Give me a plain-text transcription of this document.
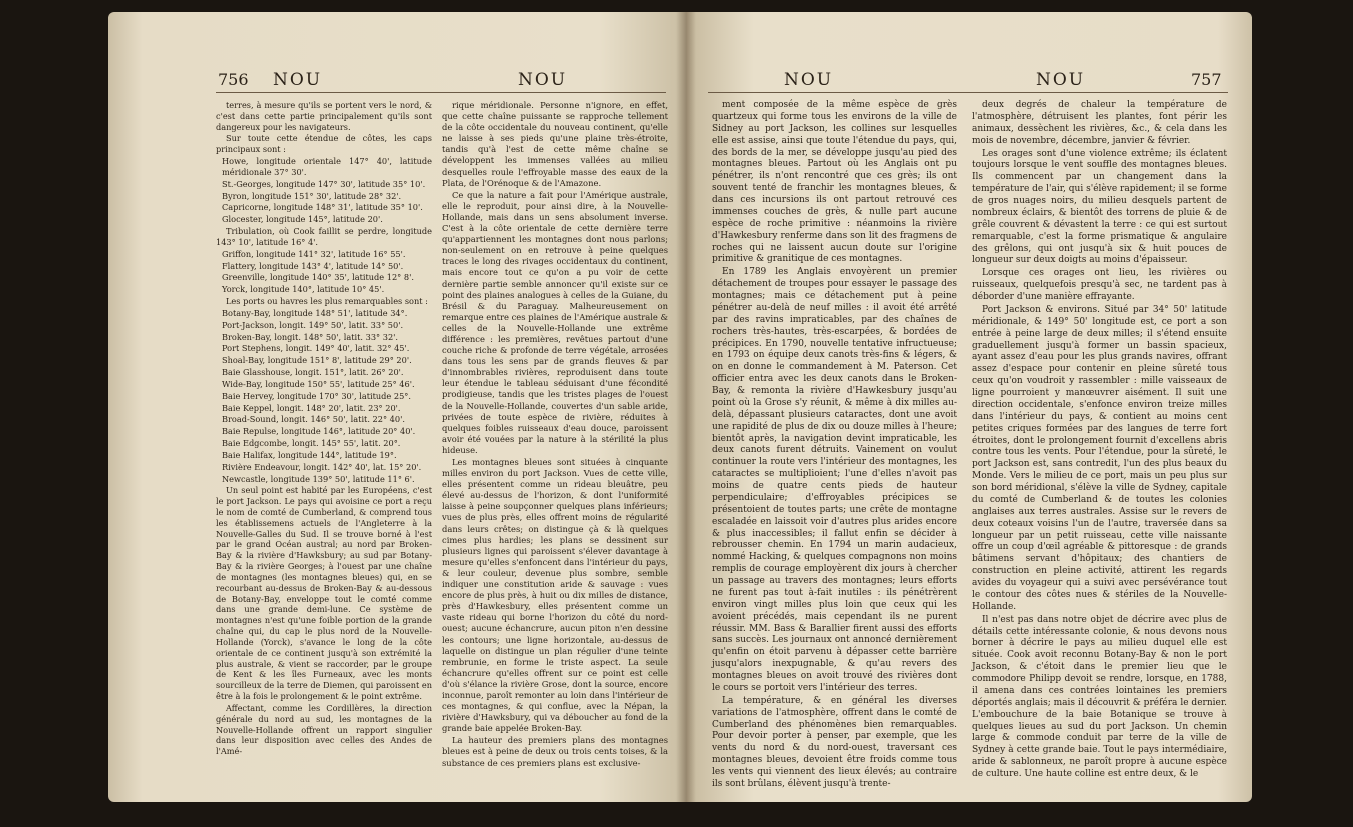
756 NOU	NOU

terres, à mesure qu'ils se portent vers le nord, & c'est dans cette partie principalement qu'ils sont dangereux pour les navigateurs.

Sur toute cette étendue de côtes, les caps principaux sont :

Howe, longitude orientale 147° 40', latitude méridionale 37° 30'.

St.-Georges, longitude 147° 30', latitude 35° 10'.

Byron, longitude 151° 30', latitude 28° 32'.

Capricorne, longitude 148° 31', latitude 35° 10'.

Glocester, longitude 145°, latitude 20'.

Tribulation, où Cook faillit se perdre, longitude 143° 10', latitude 16° 4'.

Griffon, longitude 141° 32', latitude 16° 55'.

Flattery, longitude 143° 4', latitude 14° 50'.

Greenville, longitude 140° 35', latitude 12° 8'.

Yorck, longitude 140°, latitude 10° 45'.

Les ports ou havres les plus remarquables sont :

Botany-Bay, longitude 148° 51', latitude 34°.

Port-Jackson, longit. 149° 50', latit. 33° 50'.

Broken-Bay, longit. 148° 50', latit. 33° 32'.

Port Stephens, longit. 149° 40', latit. 32° 45'.

Shoal-Bay, longitude 151° 8', latitude 29° 20'.

Baie Glasshouse, longit. 151°, latit. 26° 20'.

Wide-Bay, longitude 150° 55', latitude 25° 46'.

Baie Hervey, longitude 170° 30', latitude 25°.

Baie Keppel, longit. 148° 20', latit. 23° 20'.

Broad-Sound, longit. 146° 50', latit. 22° 40'.

Baie Repulse, longitude 146°, latitude 20° 40'.

Baie Edgcombe, longit. 145° 55', latit. 20°.

Baie Halifax, longitude 144°, latitude 19°.

Rivière Endeavour, longit. 142° 40', lat. 15° 20'.

Newcastle, longitude 139° 50', latitude 11° 6'.

Un seul point est habité par les Européens, c'est le port Jackson. Le pays qui avoisine ce port a reçu le nom de comté de Cumberland, & comprend tous les établissemens actuels de l'Angleterre à la Nouvelle-Galles du Sud. Il se trouve borné à l'est par le grand Océan austral; au nord par Broken-Bay & la rivière d'Hawksbury; au sud par Botany-Bay & la rivière Georges; à l'ouest par une chaîne de montagnes (les montagnes bleues) qui, en se recourbant au-dessus de Broken-Bay & au-dessous de Botany-Bay, enveloppe tout le comté comme dans une grande demi-lune. Ce système de montagnes n'est qu'une foible portion de la grande chaîne qui, du cap le plus nord de la Nouvelle-Hollande (Yorck), s'avance le long de la côte orientale de ce continent jusqu'à son extrémité la plus australe, & vient se raccorder, par le groupe de Kent & les îles Furneaux, avec les monts sourcilleux de la terre de Diemen, qui paroissent en être à la fois le prolongement & le point extrême.

Affectant, comme les Cordillères, la direction générale du nord au sud, les montagnes de la Nouvelle-Hollande offrent un rapport singulier dans leur disposition avec celles des Andes de l'Amé-

rique méridionale. Personne n'ignore, en effet, que cette chaîne puissante se rapproche tellement de la côte occidentale du nouveau continent, qu'elle ne laisse à ses pieds qu'une plaine très-étroite, tandis qu'à l'est de cette même chaîne se développent les immenses vallées au milieu desquelles roule l'effroyable masse des eaux de la Plata, de l'Orénoque & de l'Amazone.

Ce que la nature a fait pour l'Amérique australe, elle le reproduit, pour ainsi dire, à la Nouvelle-Hollande, mais dans un sens absolument inverse. C'est à la côte orientale de cette dernière terre qu'appartiennent les montagnes dont nous parlons; non-seulement on en retrouve à peine quelques traces le long des rivages occidentaux du continent, mais encore tout ce qu'on a pu voir de cette dernière partie semble annoncer qu'il existe sur ce point des plaines analogues à celles de la Guiane, du Brésil & du Paraguay. Malheureusement on remarque entre ces plaines de l'Amérique australe & celles de la Nouvelle-Hollande une extrême différence : les premières, revêtues partout d'une couche riche & profonde de terre végétale, arrosées dans tous les sens par de grands fleuves & par d'innombrables rivières, reproduisent dans toute leur étendue le tableau séduisant d'une fécondité prodigieuse, tandis que les tristes plages de l'ouest de la Nouvelle-Hollande, couvertes d'un sable aride, privées de toute espèce de rivière, réduites à quelques foibles ruisseaux d'eau douce, paroissent avoir été vouées par la nature à la stérilité la plus hideuse.

Les montagnes bleues sont situées à cinquante milles environ du port Jackson. Vues de cette ville, elles présentent comme un rideau bleuâtre, peu élevé au-dessus de l'horizon, & dont l'uniformité laisse à peine soupçonner quelques plans inférieurs; vues de plus près, elles offrent moins de régularité dans leurs crêtes; on distingue çà & là quelques cimes plus hardies; les plans se dessinent sur plusieurs lignes qui paroissent s'élever davantage à mesure qu'elles s'enfoncent dans l'intérieur du pays, & leur couleur, devenue plus sombre, semble indiquer une constitution aride & sauvage : vues encore de plus près, à huit ou dix milles de distance, près d'Hawkesbury, elles présentent comme un vaste rideau qui borne l'horizon du côté du nord-ouest; aucune échancrure, aucun piton n'en dessine les contours; une ligne horizontale, au-dessus de laquelle on distingue un plan régulier d'une teinte rembrunie, en forme le triste aspect. La seule échancrure qu'elles offrent sur ce point est celle d'où s'élance la rivière Grose, dont la source, encore inconnue, paroît remonter au loin dans l'intérieur de ces montagnes, & qui conflue, avec la Népan, la rivière d'Hawksbury, qui va déboucher au fond de la grande baie appelée Broken-Bay.

La hauteur des premiers plans des montagnes bleues est à peine de deux ou trois cents toises, & la substance de ces premiers plans est exclusive-

NOU	NOU	757

ment composée de la même espèce de grès quartzeux qui forme tous les environs de la ville de Sidney au port Jackson, les collines sur lesquelles elle est assise, ainsi que toute l'étendue du pays, qui, des bords de la mer, se développe jusqu'au pied des montagnes bleues. Partout où les Anglais ont pu pénétrer, ils n'ont rencontré que ces grès; ils ont souvent tenté de franchir les montagnes bleues, & dans ces incursions ils ont partout retrouvé ces immenses couches de grès, & nulle part aucune espèce de roche primitive : néanmoins la rivière d'Hawkesbury renferme dans son lit des fragmens de roches qui ne laissent aucun doute sur l'origine primitive & granitique de ces montagnes.

En 1789 les Anglais envoyèrent un premier détachement de troupes pour essayer le passage des montagnes; mais ce détachement put à peine pénétrer au-delà de neuf milles : il avoit été arrêté par des ravins impraticables, par des chaînes de rochers très-hautes, très-escarpées, & bordées de précipices. En 1790, nouvelle tentative infructueuse; en 1793 on équipe deux canots très-fins & légers, & on en donne le commandement à M. Paterson. Cet officier entra avec les deux canots dans le Broken-Bay, & remonta la rivière d'Hawkesbury jusqu'au point où la Grose s'y réunit, & même à dix milles au-delà, dépassant plusieurs cataractes, dont une avoit une rapidité de plus de dix ou douze milles à l'heure; bientôt après, la navigation devint impraticable, les deux canots furent détruits. Vainement on voulut continuer la route vers l'intérieur des montagnes, les cataractes se multiplioient; l'une d'elles n'avoit pas moins de quatre cents pieds de hauteur perpendiculaire; d'effroyables précipices se présentoient de toutes parts; une crête de montagne escaladée en laissoit voir d'autres plus arides encore & plus inaccessibles; il fallut enfin se décider à rebrousser chemin. En 1794 un marin audacieux, nommé Hacking, & quelques compagnons non moins remplis de courage employèrent dix jours à chercher un passage au travers des montagnes; leurs efforts ne furent pas tout à-fait inutiles : ils pénétrèrent environ vingt milles plus loin que ceux qui les avoient précédés, mais cependant ils ne purent réussir. MM. Bass & Barallier firent aussi des efforts sans succès. Les journaux ont annoncé dernièrement qu'enfin on étoit parvenu à dépasser cette barrière jusqu'alors inexpugnable, & qu'au revers des montagnes bleues on avoit trouvé des rivières dont le cours se portoit vers l'intérieur des terres.

La température, & en général les diverses variations de l'atmosphère, offrent dans le comté de Cumberland des phénomènes bien remarquables. Pour devoir porter à penser, par exemple, que les vents du nord & du nord-ouest, traversant ces montagnes bleues, devoient être froids comme tous les vents qui viennent des lieux élevés; au contraire ils sont brûlans, élèvent jusqu'à trente-

deux degrés de chaleur la température de l'atmosphère, détruisent les plantes, font périr les animaux, dessèchent les rivières, &c., & cela dans les mois de novembre, décembre, janvier & février.

Les orages sont d'une violence extrême; ils éclatent toujours lorsque le vent souffle des montagnes bleues. Ils commencent par un changement dans la température de l'air, qui s'élève rapidement; il se forme de gros nuages noirs, du milieu desquels partent de nombreux éclairs, & bientôt des torrens de pluie & de grêle couvrent & dévastent la terre : ce qui est surtout remarquable, c'est la forme prismatique & angulaire des grêlons, qui ont jusqu'à six & huit pouces de longueur sur deux doigts au moins d'épaisseur.

Lorsque ces orages ont lieu, les rivières ou ruisseaux, quelquefois presqu'à sec, ne tardent pas à déborder d'une manière effrayante.

Port Jackson & environs. Situé par 34° 50' latitude méridionale, & 149° 50' longitude est, ce port a son entrée à peine large de deux milles; il s'étend ensuite graduellement jusqu'à former un bassin spacieux, ayant assez d'eau pour les plus grands navires, offrant assez d'espace pour contenir en pleine sûreté tous ceux qu'on voudroit y rassembler : mille vaisseaux de ligne pourroient y manœuvrer aisément. Il suit une direction occidentale, s'enfonce environ treize milles dans l'intérieur du pays, & contient au moins cent petites criques formées par des langues de terre fort étroites, dont le prolongement fournit d'excellens abris contre tous les vents. Pour l'étendue, pour la sûreté, le port Jackson est, sans contredit, l'un des plus beaux du Monde. Vers le milieu de ce port, mais un peu plus sur son bord méridional, s'élève la ville de Sydney, capitale du comté de Cumberland & de toutes les colonies anglaises aux terres australes. Assise sur le revers de deux coteaux voisins l'un de l'autre, traversée dans sa longueur par un petit ruisseau, cette ville naissante offre un coup d'œil agréable & pittoresque : de grands bâtimens servant d'hôpitaux; des chantiers de construction en pleine activité, attirent les regards avides du voyageur qui a suivi avec persévérance tout le contour des côtes nues & stériles de la Nouvelle-Hollande.

Il n'est pas dans notre objet de décrire avec plus de détails cette intéressante colonie, & nous devons nous borner à décrire le pays au milieu duquel elle est située. Cook avoit reconnu Botany-Bay & non le port Jackson, & c'étoit dans le premier lieu que le commodore Philipp devoit se rendre, lorsque, en 1788, il amena dans ces contrées lointaines les premiers déportés anglais; mais il découvrit & préféra le dernier. L'embouchure de la baie Botanique se trouve à quelques lieues au sud du port Jackson. Un chemin large & commode conduit par terre de la ville de Sydney à cette grande baie. Tout le pays intermédiaire, aride & sablonneux, ne paroît propre à aucune espèce de culture. Une haute colline est entre deux, & le
